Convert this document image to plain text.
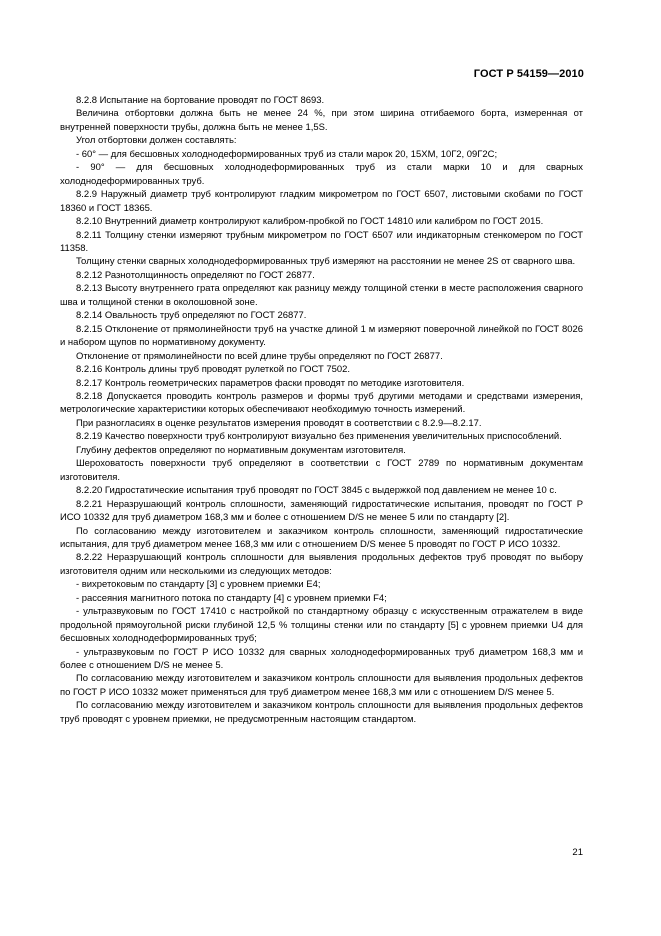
ГОСТ Р 54159—2010

8.2.8 Испытание на бортование проводят по ГОСТ 8693.

Величина отбортовки должна быть не менее 24 %, при этом ширина отгибаемого борта, измеренная от внутренней поверхности трубы, должна быть не менее 1,5S.

Угол отбортовки должен составлять:

- 60° — для бесшовных холоднодеформированных труб из стали марок 20, 15ХМ, 10Г2, 09Г2С;

- 90° — для бесшовных холоднодеформированных труб из стали марки 10 и для сварных холоднодеформированных труб.

8.2.9 Наружный диаметр труб контролируют гладким микрометром по ГОСТ 6507, листовыми скобами по ГОСТ 18360 и ГОСТ 18365.

8.2.10 Внутренний диаметр контролируют калибром-пробкой по ГОСТ 14810 или калибром по ГОСТ 2015.

8.2.11 Толщину стенки измеряют трубным микрометром по ГОСТ 6507 или индикаторным стенкомером по ГОСТ 11358.

Толщину стенки сварных холоднодеформированных труб измеряют на расстоянии не менее 2S от сварного шва.

8.2.12 Разнотолщинность определяют по ГОСТ 26877.

8.2.13 Высоту внутреннего грата определяют как разницу между толщиной стенки в месте расположения сварного шва и толщиной стенки в околошовной зоне.

8.2.14 Овальность труб определяют по ГОСТ 26877.

8.2.15 Отклонение от прямолинейности труб на участке длиной 1 м измеряют поверочной линейкой по ГОСТ 8026 и набором щупов по нормативному документу.

Отклонение от прямолинейности по всей длине трубы определяют по ГОСТ 26877.

8.2.16 Контроль длины труб проводят рулеткой по ГОСТ 7502.

8.2.17 Контроль геометрических параметров фаски проводят по методике изготовителя.

8.2.18 Допускается проводить контроль размеров и формы труб другими методами и средствами измерения, метрологические характеристики которых обеспечивают необходимую точность измерений.

При разногласиях в оценке результатов измерения проводят в соответствии с 8.2.9—8.2.17.

8.2.19 Качество поверхности труб контролируют визуально без применения увеличительных приспособлений.

Глубину дефектов определяют по нормативным документам изготовителя.

Шероховатость поверхности труб определяют в соответствии с ГОСТ 2789 по нормативным документам изготовителя.

8.2.20 Гидростатические испытания труб проводят по ГОСТ 3845 с выдержкой под давлением не менее 10 с.

8.2.21 Неразрушающий контроль сплошности, заменяющий гидростатические испытания, проводят по ГОСТ Р ИСО 10332 для труб диаметром 168,3 мм и более с отношением D/S не менее 5 или по стандарту [2].

По согласованию между изготовителем и заказчиком контроль сплошности, заменяющий гидростатические испытания, для труб диаметром менее 168,3 мм или с отношением D/S менее 5 проводят по ГОСТ Р ИСО 10332.

8.2.22 Неразрушающий контроль сплошности для выявления продольных дефектов труб проводят по выбору изготовителя одним или несколькими из следующих методов:

- вихретоковым по стандарту [3] с уровнем приемки Е4;

- рассеяния магнитного потока по стандарту [4] с уровнем приемки F4;

- ультразвуковым по ГОСТ 17410 с настройкой по стандартному образцу с искусственным отражателем в виде продольной прямоугольной риски глубиной 12,5 % толщины стенки или по стандарту [5] с уровнем приемки U4 для бесшовных холоднодеформированных труб;

- ультразвуковым по ГОСТ Р ИСО 10332 для сварных холоднодеформированных труб диаметром 168,3 мм и более с отношением D/S не менее 5.

По согласованию между изготовителем и заказчиком контроль сплошности для выявления продольных дефектов по ГОСТ Р ИСО 10332 может применяться для труб диаметром менее 168,3 мм или с отношением D/S менее 5.

По согласованию между изготовителем и заказчиком контроль сплошности для выявления продольных дефектов труб проводят с уровнем приемки, не предусмотренным настоящим стандартом.

21
